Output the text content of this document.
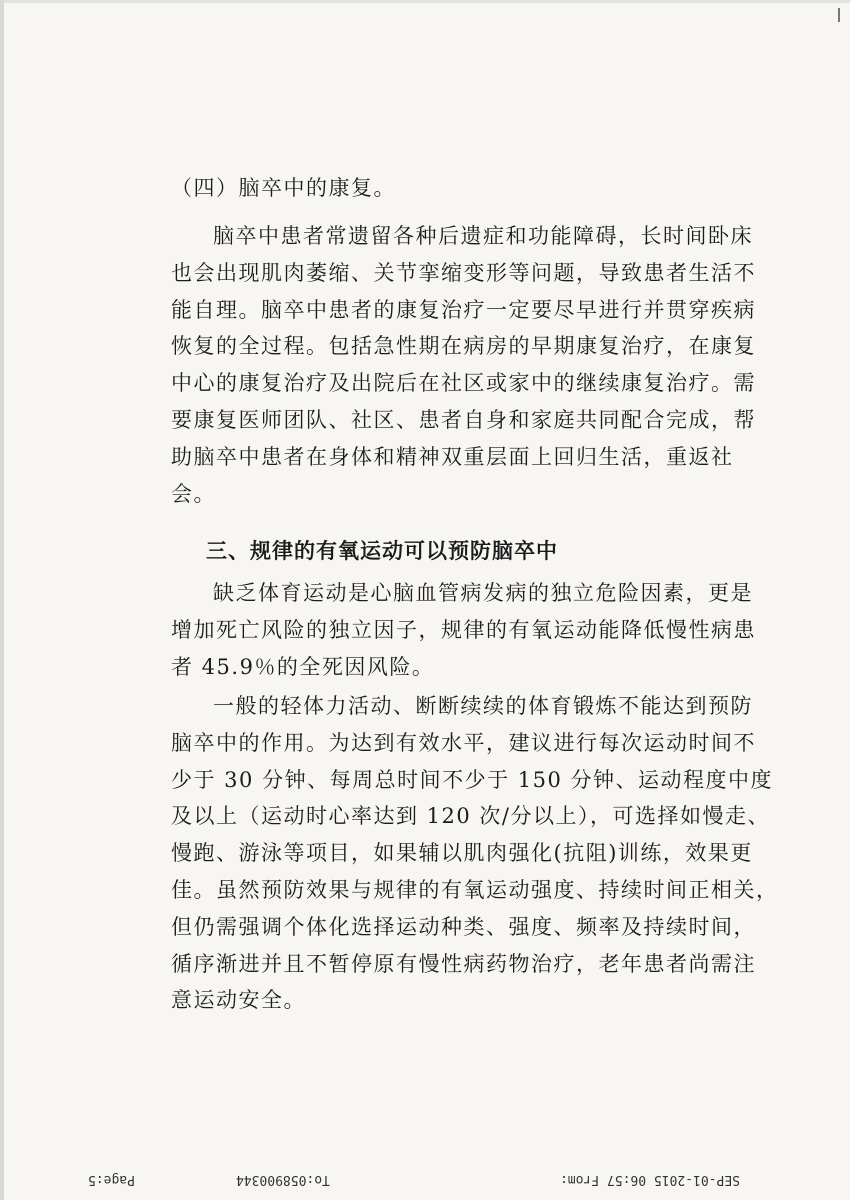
（四）脑卒中的康复。
脑卒中患者常遗留各种后遗症和功能障碍，长时间卧床
也会出现肌肉萎缩、关节挛缩变形等问题，导致患者生活不
能自理。脑卒中患者的康复治疗一定要尽早进行并贯穿疾病
恢复的全过程。包括急性期在病房的早期康复治疗，在康复
中心的康复治疗及出院后在社区或家中的继续康复治疗。需
要康复医师团队、社区、患者自身和家庭共同配合完成，帮
助脑卒中患者在身体和精神双重层面上回归生活，重返社
会。
三、规律的有氧运动可以预防脑卒中
缺乏体育运动是心脑血管病发病的独立危险因素，更是
增加死亡风险的独立因子，规律的有氧运动能降低慢性病患
者 45.9％的全死因风险。
一般的轻体力活动、断断续续的体育锻炼不能达到预防
脑卒中的作用。为达到有效水平，建议进行每次运动时间不
少于 30 分钟、每周总时间不少于 150 分钟、运动程度中度
及以上（运动时心率达到 120 次/分以上），可选择如慢走、
慢跑、游泳等项目，如果辅以肌肉强化(抗阻)训练，效果更
佳。虽然预防效果与规律的有氧运动强度、持续时间正相关，
但仍需强调个体化选择运动种类、强度、频率及持续时间，
循序渐进并且不暂停原有慢性病药物治疗，老年患者尚需注
意运动安全。
Page:5	To:058900344	SEP-01-2015 06:57 From:
